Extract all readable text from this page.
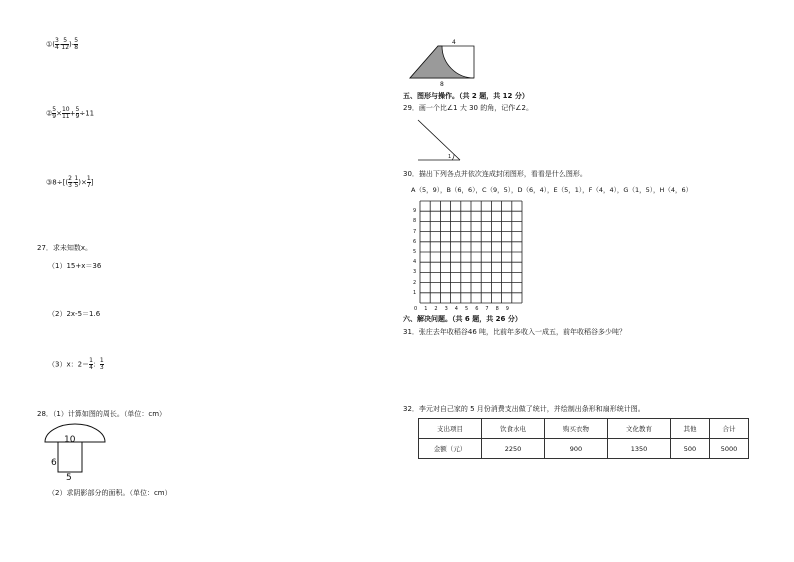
①( $\frac{3}{4} - \frac{5}{12}$ )- $\frac{5}{8}$
② $\frac{5}{9} \times \frac{10}{11} + \frac{5}{9} \div 11$
③8÷[( $\frac{2}{3} - \frac{1}{5}$ )× $\frac{1}{7}$ ]
27．求未知数x。
（1）15+x＝36
（2）2x-5＝1.6
（3）x：$2= \frac{1}{4}$ ： $\frac{1}{3}$
28．（1）计算如图的周长。（单位：cm）
10
6
5
（2）求阴影部分的面积。（单位：cm）
4
8
五、图形与操作。（共 2 题，共 12 分）
29．画一个比∠1 大 30 的角，记作∠2。
1
30．描出下列各点并依次连成封闭图形，看看是什么图形。
A（5，9），B（6，6），C（9，5），D（6，4），E（5，1），F（4，4），G（1，5），H（4，6）
9
8
7
6
5
4
3
2
1
0 1 2 3 4 5 6 7 8 9
六、解决问题。（共 6 题，共 26 分）
31．张庄去年收稻谷46 吨，比前年多收入一成五，前年收稻谷多少吨？
32．李元对自己家的 5 月份消费支出做了统计，并绘制出条形和扇形统计图。
支出项目	饮食水电	购买衣物	文化教育	其他	合计
金额（元）	2250	900	1350	500	5000
